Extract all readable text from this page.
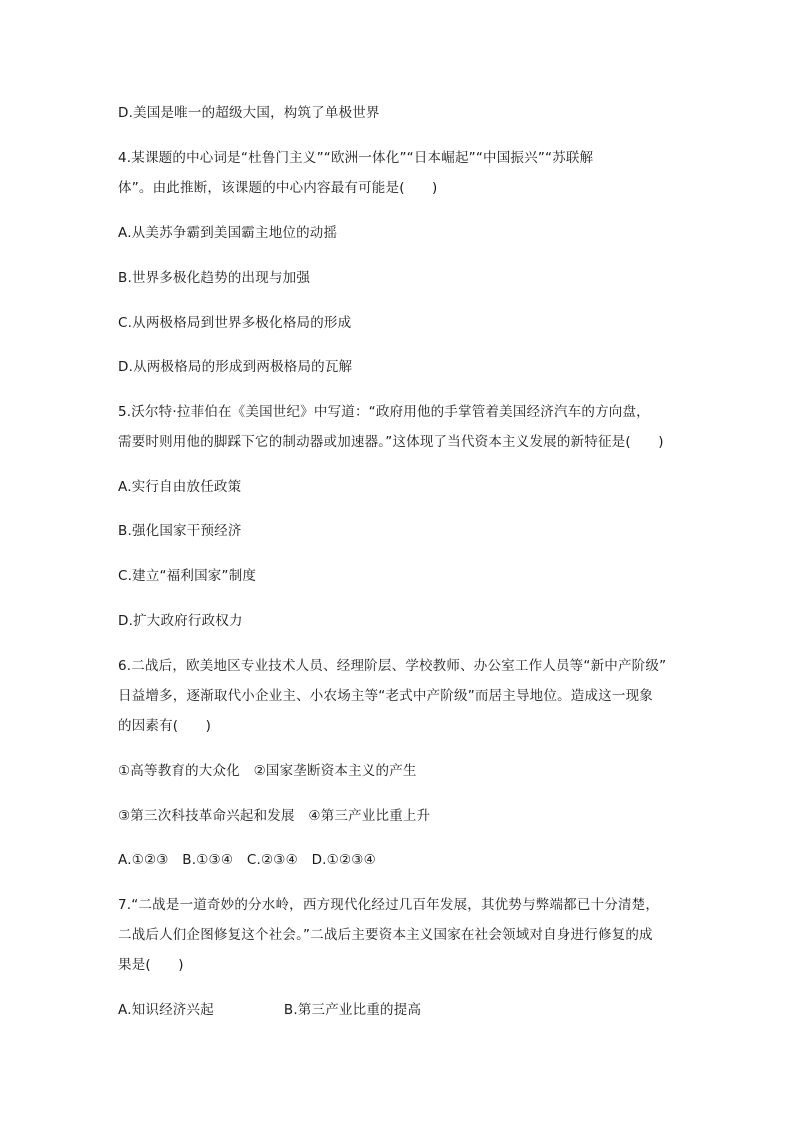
D.美国是唯一的超级大国，构筑了单极世界
4.某课题的中心词是“杜鲁门主义”“欧洲一体化”“日本崛起”“中国振兴”“苏联解
体”。由此推断，该课题的中心内容最有可能是(　　)
A.从美苏争霸到美国霸主地位的动摇
B.世界多极化趋势的出现与加强
C.从两极格局到世界多极化格局的形成
D.从两极格局的形成到两极格局的瓦解
5.沃尔特·拉菲伯在《美国世纪》中写道：“政府用他的手掌管着美国经济汽车的方向盘，
需要时则用他的脚踩下它的制动器或加速器。”这体现了当代资本主义发展的新特征是(　　)
A.实行自由放任政策
B.强化国家干预经济
C.建立“福利国家”制度
D.扩大政府行政权力
6.二战后，欧美地区专业技术人员、经理阶层、学校教师、办公室工作人员等“新中产阶级”
日益增多，逐渐取代小企业主、小农场主等“老式中产阶级”而居主导地位。造成这一现象
的因素有(　　)
①高等教育的大众化　②国家垄断资本主义的产生
③第三次科技革命兴起和发展　④第三产业比重上升
A.①②③　B.①③④　C.②③④　D.①②③④
7.“二战是一道奇妙的分水岭，西方现代化经过几百年发展，其优势与弊端都已十分清楚，
二战后人们企图修复这个社会。”二战后主要资本主义国家在社会领域对自身进行修复的成
果是(　　)
A.知识经济兴起	B.第三产业比重的提高
